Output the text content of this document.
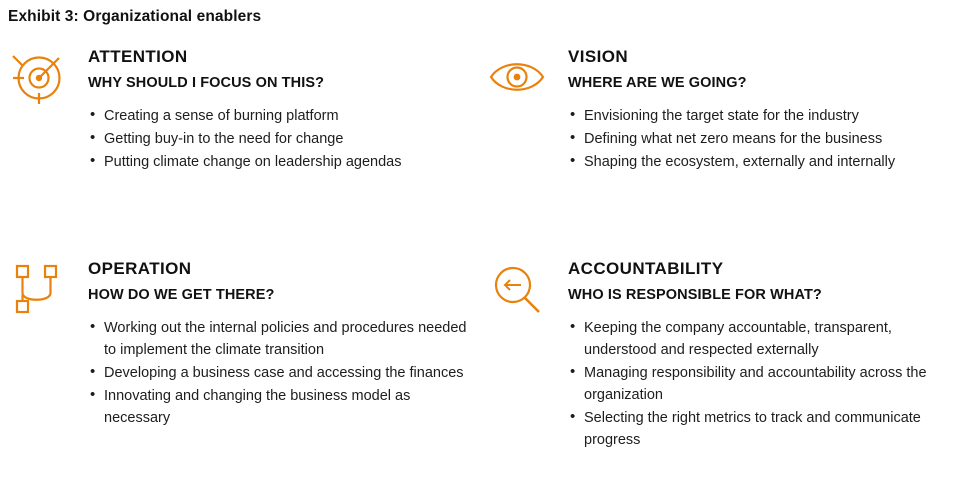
Exhibit 3: Organizational enablers
ATTENTION
WHY SHOULD I FOCUS ON THIS?
• Creating a sense of burning platform
• Getting buy-in to the need for change
• Putting climate change on leadership agendas
VISION
WHERE ARE WE GOING?
• Envisioning the target state for the industry
• Defining what net zero means for the business
• Shaping the ecosystem, externally and internally
OPERATION
HOW DO WE GET THERE?
• Working out the internal policies and procedures needed to implement the climate transition
• Developing a business case and accessing the finances
• Innovating and changing the business model as necessary
ACCOUNTABILITY
WHO IS RESPONSIBLE FOR WHAT?
• Keeping the company accountable, transparent, understood and respected externally
• Managing responsibility and accountability across the organization
• Selecting the right metrics to track and communicate progress
